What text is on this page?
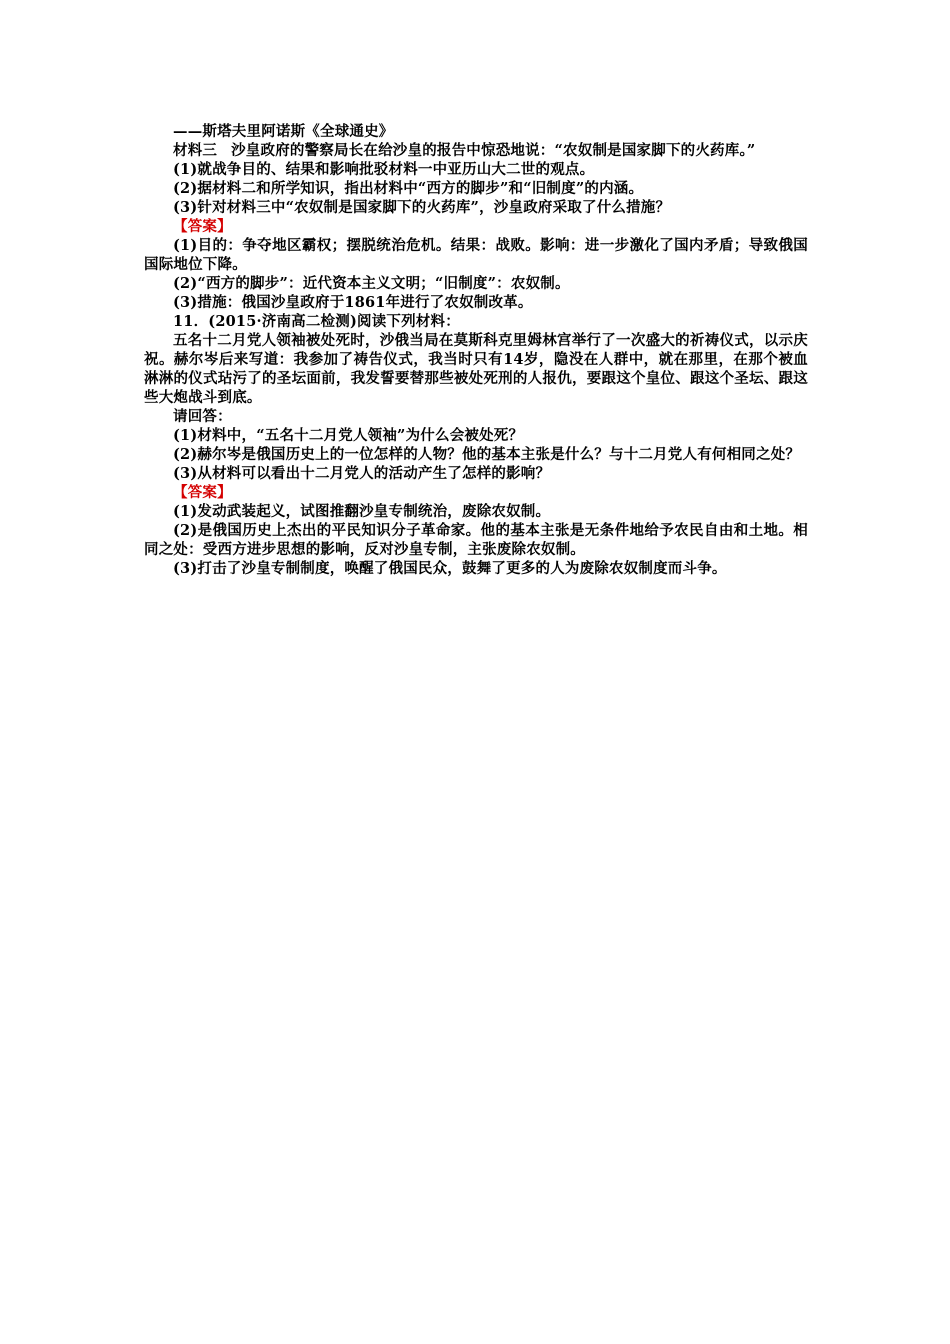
——斯塔夫里阿诺斯《全球通史》

材料三 沙皇政府的警察局长在给沙皇的报告中惊恐地说：“农奴制是国家脚下的火药库。”

(1)就战争目的、结果和影响批驳材料一中亚历山大二世的观点。

(2)据材料二和所学知识，指出材料中“西方的脚步”和“旧制度”的内涵。

(3)针对材料三中“农奴制是国家脚下的火药库”，沙皇政府采取了什么措施？

【答案】

(1)目的：争夺地区霸权；摆脱统治危机。结果：战败。影响：进一步激化了国内矛盾；导致俄国国际地位下降。

(2)“西方的脚步”：近代资本主义文明；“旧制度”：农奴制。

(3)措施：俄国沙皇政府于1861年进行了农奴制改革。

11．(2015·济南高二检测)阅读下列材料：

五名十二月党人领袖被处死时，沙俄当局在莫斯科克里姆林宫举行了一次盛大的祈祷仪式，以示庆祝。赫尔岑后来写道：我参加了祷告仪式，我当时只有14岁，隐没在人群中，就在那里，在那个被血淋淋的仪式玷污了的圣坛面前，我发誓要替那些被处死刑的人报仇，要跟这个皇位、跟这个圣坛、跟这些大炮战斗到底。

请回答：

(1)材料中，“五名十二月党人领袖”为什么会被处死？

(2)赫尔岑是俄国历史上的一位怎样的人物？他的基本主张是什么？与十二月党人有何相同之处？

(3)从材料可以看出十二月党人的活动产生了怎样的影响？

【答案】

(1)发动武装起义，试图推翻沙皇专制统治，废除农奴制。

(2)是俄国历史上杰出的平民知识分子革命家。他的基本主张是无条件地给予农民自由和土地。相同之处：受西方进步思想的影响，反对沙皇专制，主张废除农奴制。

(3)打击了沙皇专制制度，唤醒了俄国民众，鼓舞了更多的人为废除农奴制度而斗争。
